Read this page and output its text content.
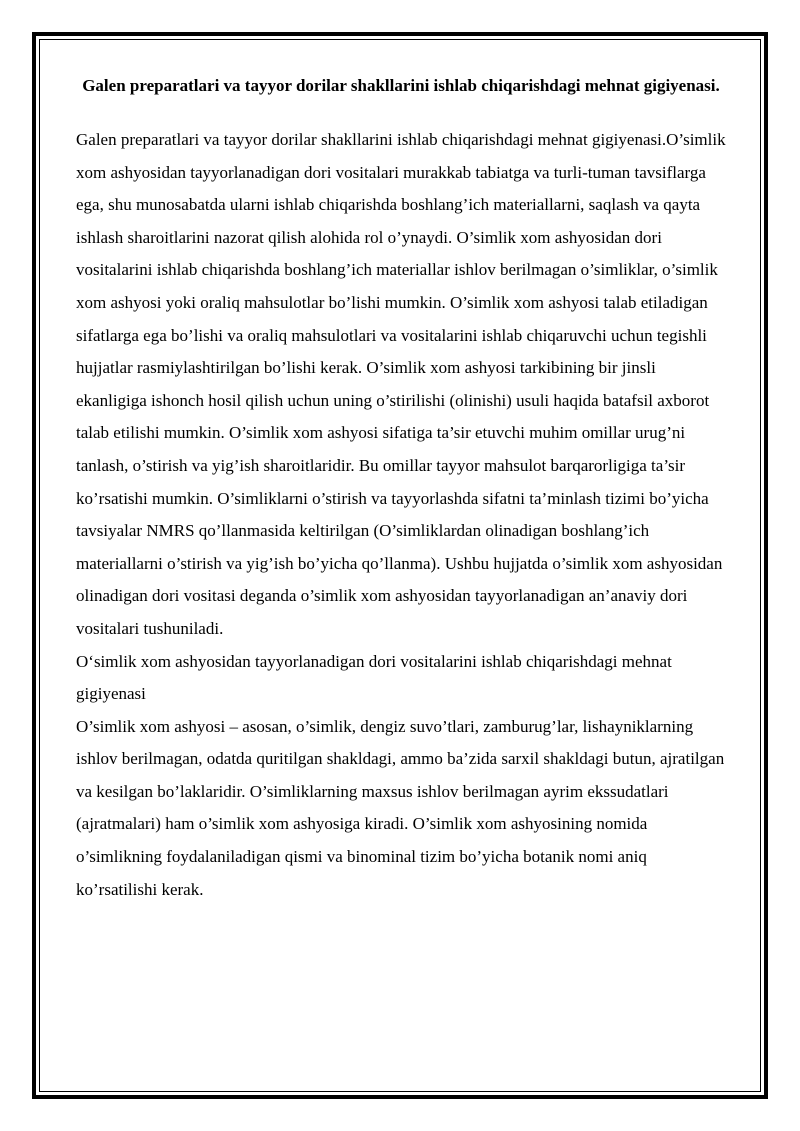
Galen preparatlari va tayyor dorilar shakllarini ishlab chiqarishdagi mehnat gigiyenasi.

Galen preparatlari va tayyor dorilar shakllarini ishlab chiqarishdagi mehnat gigiyenasi.O’simlik xom ashyosidan tayyorlanadigan dori vositalari murakkab tabiatga va turli-tuman tavsiflarga ega, shu munosabatda ularni ishlab chiqarishda boshlang’ich materiallarni, saqlash va qayta ishlash sharoitlarini nazorat qilish alohida rol o’ynaydi. O’simlik xom ashyosidan dori vositalarini ishlab chiqarishda boshlang’ich materiallar ishlov berilmagan o’simliklar, o’simlik xom ashyosi yoki oraliq mahsulotlar bo’lishi mumkin. O’simlik xom ashyosi talab etiladigan sifatlarga ega bo’lishi va oraliq mahsulotlari va vositalarini ishlab chiqaruvchi uchun tegishli hujjatlar rasmiylashtirilgan bo’lishi kerak. O’simlik xom ashyosi tarkibining bir jinsli ekanligiga ishonch hosil qilish uchun uning o’stirilishi (olinishi) usuli haqida batafsil axborot talab etilishi mumkin. O’simlik xom ashyosi sifatiga ta’sir etuvchi muhim omillar urug’ni tanlash, o’stirish va yig’ish sharoitlaridir. Bu omillar tayyor mahsulot barqarorligiga ta’sir ko’rsatishi mumkin. O’simliklarni o’stirish va tayyorlashda sifatni ta’minlash tizimi bo’yicha tavsiyalar NMRS qo’llanmasida keltirilgan (O’simliklardan olinadigan boshlang’ich materiallarni o’stirish va yig’ish bo’yicha qo’llanma). Ushbu hujjatda o’simlik xom ashyosidan olinadigan dori vositasi deganda o’simlik xom ashyosidan tayyorlanadigan an’anaviy dori vositalari tushuniladi.

O‘simlik xom ashyosidan tayyorlanadigan dori vositalarini ishlab chiqarishdagi mehnat gigiyenasi

O’simlik xom ashyosi – asosan, o’simlik, dengiz suvo’tlari, zamburug’lar, lishayniklarning ishlov berilmagan, odatda quritilgan shakldagi, ammo ba’zida sarxil shakldagi butun, ajratilgan va kesilgan bo’laklaridir. O’simliklarning maxsus ishlov berilmagan ayrim ekssudatlari (ajratmalari) ham o’simlik xom ashyosiga kiradi. O’simlik xom ashyosining nomida o’simlikning foydalaniladigan qismi va binominal tizim bo’yicha botanik nomi aniq ko’rsatilishi kerak.
